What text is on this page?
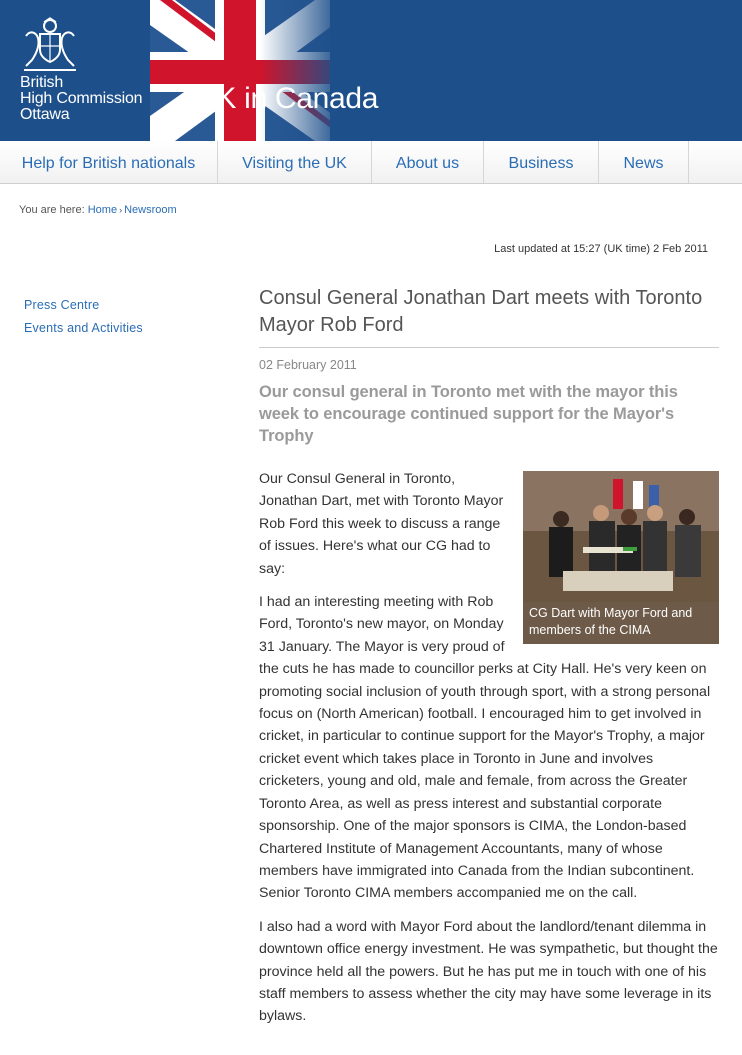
British
High Commission
Ottawa	UK in Canada
Help for British nationals	Visiting the UK	About us	Business	News
You are here: Home › Newsroom
Last updated at 15:27 (UK time) 2 Feb 2011
Press Centre
Events and Activities
Consul General Jonathan Dart meets with Toronto Mayor Rob Ford
02 February 2011
Our consul general in Toronto met with the mayor this week to encourage continued support for the Mayor's Trophy
CG Dart with Mayor Ford and members of the CIMA

Our Consul General in Toronto, Jonathan Dart, met with Toronto Mayor Rob Ford this week to discuss a range of issues. Here's what our CG had to say:

I had an interesting meeting with Rob Ford, Toronto's new mayor, on Monday 31 January. The Mayor is very proud of the cuts he has made to councillor perks at City Hall. He's very keen on promoting social inclusion of youth through sport, with a strong personal focus on (North American) football. I encouraged him to get involved in cricket, in particular to continue support for the Mayor's Trophy, a major cricket event which takes place in Toronto in June and involves cricketers, young and old, male and female, from across the Greater Toronto Area, as well as press interest and substantial corporate sponsorship. One of the major sponsors is CIMA, the London-based Chartered Institute of Management Accountants, many of whose members have immigrated into Canada from the Indian subcontinent. Senior Toronto CIMA members accompanied me on the call.

I also had a word with Mayor Ford about the landlord/tenant dilemma in downtown office energy investment. He was sympathetic, but thought the province held all the powers. But he has put me in touch with one of his staff members to assess whether the city may have some leverage in its bylaws.
